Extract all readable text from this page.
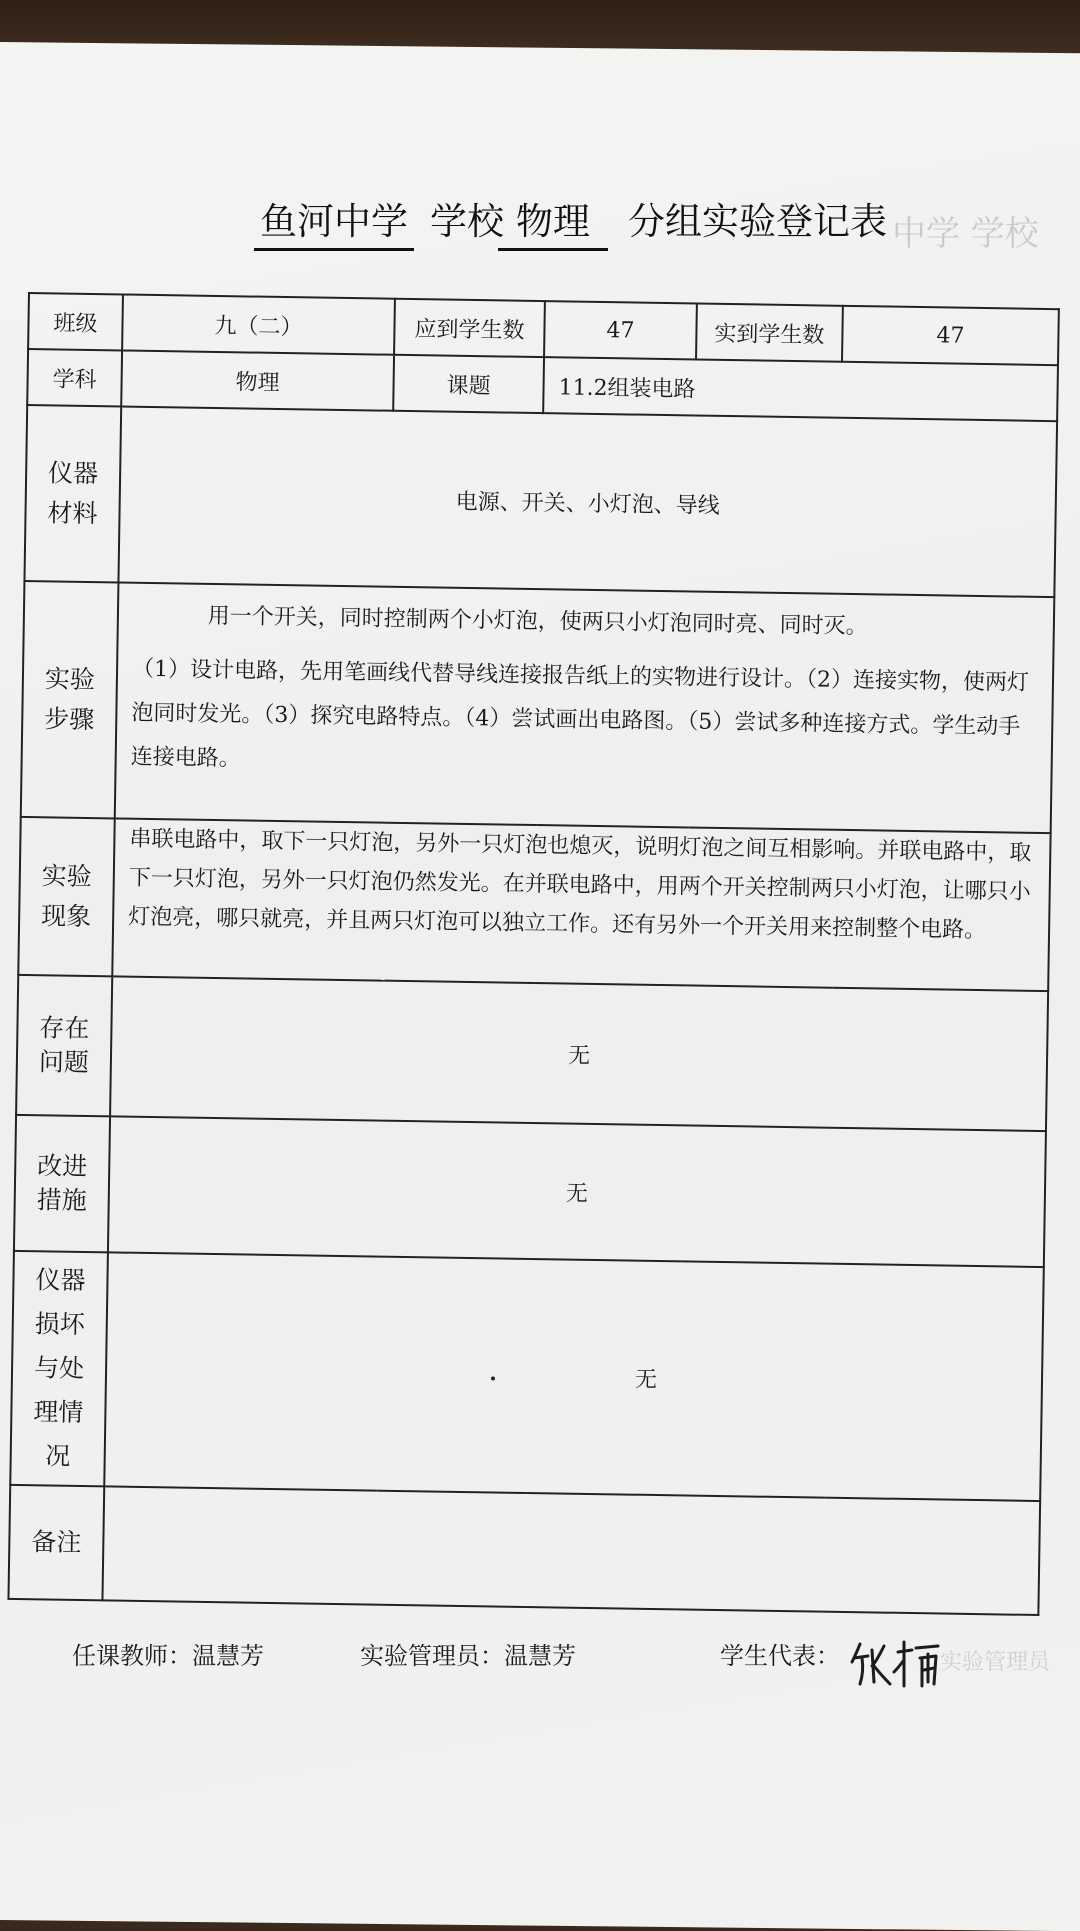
鱼河中学 学校 物理	分组实验登记表 中学 学校
班级	九（二）	应到学生数	47	实到学生数	47
学科	物理	课题	11.2组装电路		

仪器材料	电源、开关、小灯泡、导线				

实验步骤	用一个开关，同时控制两个小灯泡，使两只小灯泡同时亮、同时灭。

（1）设计电路，先用笔画线代替导线连接报告纸上的实物进行设计。（2）连接实物，使两灯泡同时发光。（3）探究电路特点。（4）尝试画出电路图。（5）尝试多种连接方式。学生动手连接电路。				

实验现象	串联电路中，取下一只灯泡，另外一只灯泡也熄灭，说明灯泡之间互相影响。并联电路中，取下一只灯泡，另外一只灯泡仍然发光。在并联电路中，用两个开关控制两只小灯泡，让哪只小灯泡亮，哪只就亮，并且两只灯泡可以独立工作。还有另外一个开关用来控制整个电路。				

存在问题	无				

改进措施	无				

仪器损坏与处理情况	无				

备注					

任课教师：温慧芳	实验管理员：温慧芳	学生代表：	实验管理员
